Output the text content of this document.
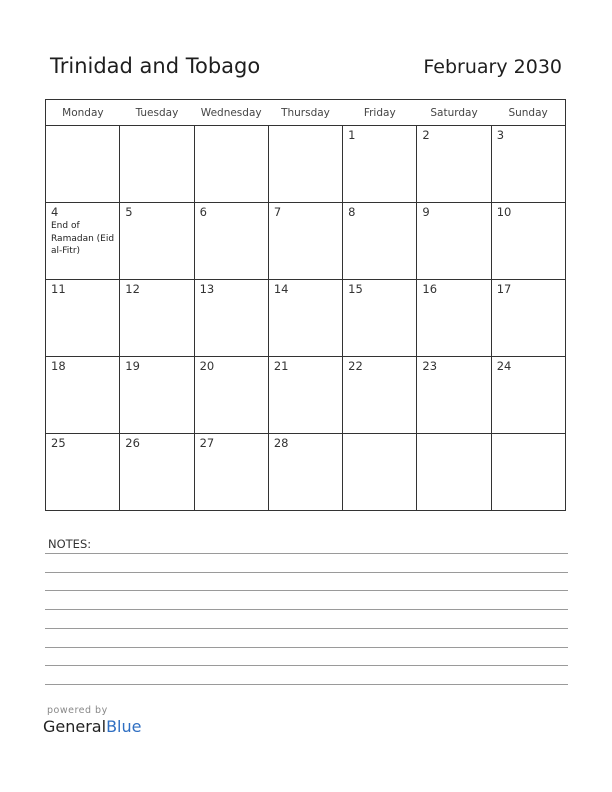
Trinidad and Tobago	February 2030
Monday	Tuesday	Wednesday	Thursday	Friday	Saturday	Sunday

				1	2	3

4
End of Ramadan (Eid al-Fitr)	5	6	7	8	9	10

11	12	13	14	15	16	17

18	19	20	21	22	23	24

25	26	27	28			

NOTES:
powered by
GeneralBlue
